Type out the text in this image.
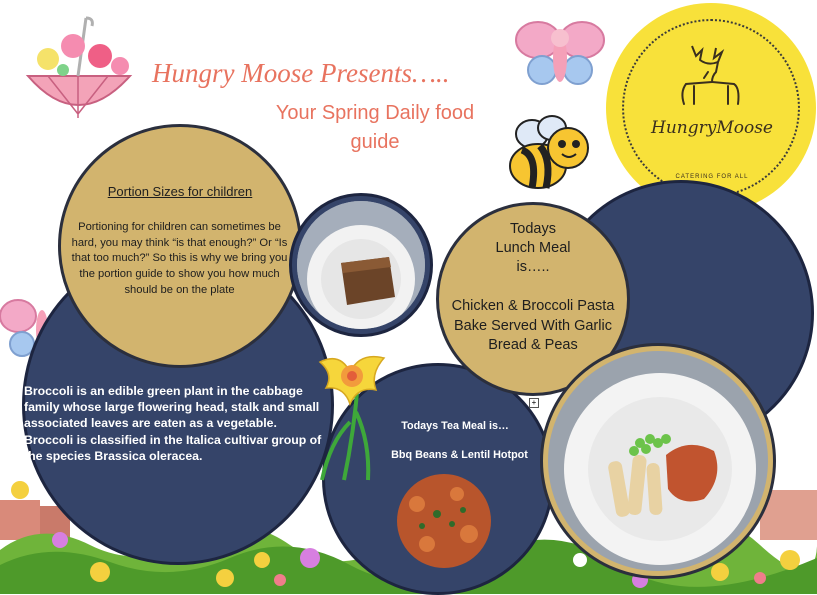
HungryMoose
CATERING FOR ALL
Hungry Moose Presents…..
Your Spring Daily food guide
Portion Sizes for children
Portioning for children can sometimes be hard, you may think “is that enough?” Or “Is that too much?” So this is why we bring you the portion guide to show you how much should be on the plate
Todays Lunch Meal is…..
Chicken & Broccoli Pasta Bake Served With Garlic Bread & Peas
Broccoli is an edible green plant in the cabbage family whose large flowering head, stalk and small associated leaves are eaten as a vegetable. Broccoli is classified in the Italica cultivar group of the species Brassica oleracea.
Todays Tea Meal is…
Bbq Beans & Lentil Hotpot
+
